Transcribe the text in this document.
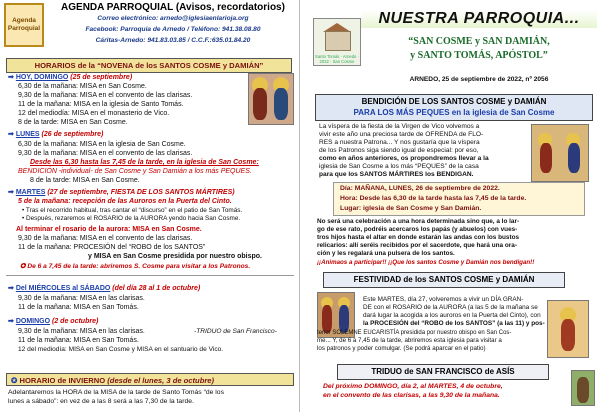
Agenda Parroquial
AGENDA PARROQUIAL (Avisos, recordatorios)
Correo electrónico: arnedo@iglesiaenlarioja.org
Facebook: Parroquia de Arnedo / Teléfono: 941.38.08.80
Cáritas-Arnedo: 941.83.03.85 / C.C.F.:635.01.84.20
HORARIOS de la “NOVENA de los SANTOS COSME y DAMIÁN”
➡ HOY, DOMINGO (25 de septiembre)
6,30 de la mañana: MISA en San Cosme.
9,30 de la mañana: MISA en el convento de las clarisas.
11 de la mañana: MISA en la iglesia de Santo Tomás.
12 del mediodía: MISA en el monasterio de Vico.
8 de la tarde: MISA en San Cosme.
➡ LUNES (26 de septiembre)
6,30 de la mañana: MISA en la iglesia de San Cosme.
9,30 de la mañana: MISA en el convento de las clarisas.
Desde las 6,30 hasta las 7,45 de la tarde, en la iglesia de San Cosme:
BENDICIÓN -individual- de San Cosme y San Damián a los más PEQUES.
8 de la tarde: MISA en San Cosme.
➡ MARTES (27 de septiembre, FIESTA DE LOS SANTOS MÁRTIRES)
5 de la mañana: recepción de las Auroros en la Puerta del Cinto.
• Tras el recorrido habitual, tras cantar el “discurso” en el patio de San Tomás.
• Después, rezaremos el ROSARIO de la AURORA yendo hacia San Cosme.
Al terminar el rosario de la aurora: MISA en San Cosme.
9,30 de la mañana: MISA en el convento de las clarisas.
11 de la mañana: PROCESIÓN del “ROBO de los SANTOS”
y MISA en San Cosme presidida por nuestro obispo.
✪ De 6 a 7,45 de la tarde: abriremos S. Cosme para visitar a los Patronos.
➡ Del MIÉRCOLES al SÁBADO (del día 28 al 1 de octubre)
9,30 de la mañana: MISA en las clarisas.
11 de la mañana: MISA en San Tomás.
➡ DOMINGO (2 de octubre)
9,30 de la mañana: MISA en las clarisas.	-TRIDUO de San Francisco-
11 de la mañana: MISA en San Tomás.
12 del mediodía: MISA en San Cosme y MISA en el santuario de Vico.
✪ HORARIO de INVIERNO (desde el lunes, 3 de octubre)
Adelantaremos la HORA de la MISA de la tarde de Santo Tomás “de los
lunes a sábado”: en vez de a las 8 será a las 7,30 de la tarde.
Santo Tomás · Arnedo · 2022 · San Cosme
NUESTRA PARROQUIA...
“SAN COSME y SAN DAMIÁN,
y SANTO TOMÁS, APÓSTOL”
ARNEDO, 25 de septiembre de 2022, nº 2056
BENDICIÓN DE LOS SANTOS COSME y DAMIÁN
PARA LOS MÁS PEQUES en la iglesia de San Cosme
La víspera de la fiesta de la Virgen de Vico volvemos a
vivir este año una preciosa tarde de OFRENDA de FLO-
RES a nuestra Patrona... Y nos gustaría que la víspera
de los Patronos siga siendo igual de especial: por eso,
como en años anteriores, os propondremos llevar a la
iglesia de San Cosme a los más “PEQUES” de la casa
para que los SANTOS MÁRTIRES los BENDIGAN.
Día: MAÑANA, LUNES, 26 de septiembre de 2022.
Hora: Desde las 6,30 de la tarde hasta las 7,45 de la tarde.
Lugar: iglesia de San Cosme y San Damián.
No será una celebración a una hora determinada sino que, a lo lar-
go de ese rato, podréis acercaros los papás (y abuelos) con vues-
tros hijos hasta el altar en donde estarán las andas con los bustos
relicarios: allí seréis recibidos por el sacerdote, que hará una ora-
ción y les regalará una pulsera de los santos.
¡¡Animaos a participar!! ¡¡Que los santos Cosme y Damián nos bendigan!!
FESTIVIDAD de los SANTOS COSME y DAMIÁN
Este MARTES, día 27, volveremos a vivir un DÍA GRAN-
DE con el ROSARIO de la AURORA (a las 5 de la mañana se
dará lugar la acogida a los auroros en la Puerta del Cinto), con
la PROCESIÓN del “ROBO de los SANTOS” (a las 11) y pos-
terior SOLEMNE EUCARISTÍA presidida por nuestro obispo en San Cos-
me... Y, de 6 a 7,45 de la tarde, abriremos esta iglesia para visitar a
los patronos y poder comulgar. (Se podrá aparcar en el patio)
TRIDUO de SAN FRANCISCO de ASÍS
Del próximo DOMINGO, día 2, al MARTES, 4 de octubre,
en el convento de las clarisas, a las 9,30 de la mañana.
